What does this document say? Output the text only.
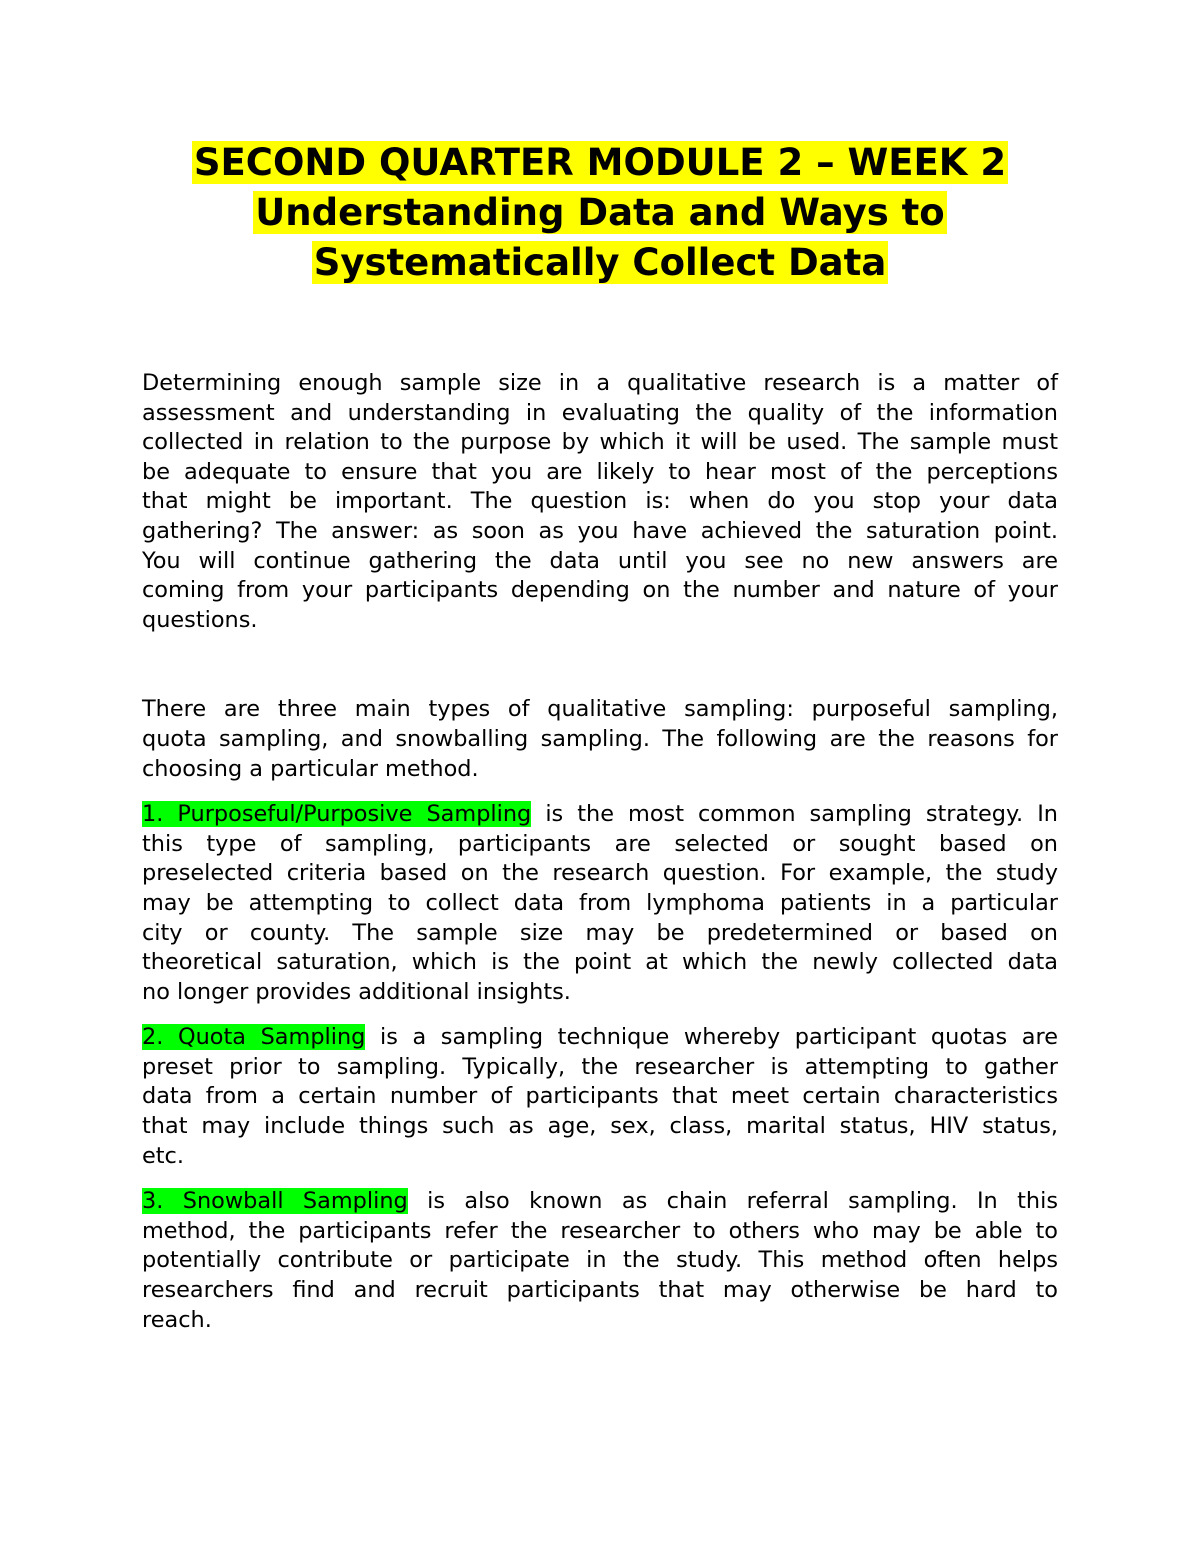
SECOND QUARTER MODULE 2 – WEEK 2
Understanding Data and Ways to
Systematically Collect Data
Determining enough sample size in a qualitative research is a matter of
assessment and understanding in evaluating the quality of the information
collected in relation to the purpose by which it will be used. The sample must
be adequate to ensure that you are likely to hear most of the perceptions
that might be important. The question is: when do you stop your data
gathering? The answer: as soon as you have achieved the saturation point.
You will continue gathering the data until you see no new answers are
coming from your participants depending on the number and nature of your
questions.
There are three main types of qualitative sampling: purposeful sampling,
quota sampling, and snowballing sampling. The following are the reasons for
choosing a particular method.
1. Purposeful/Purposive Sampling is the most common sampling strategy. In
this type of sampling, participants are selected or sought based on
preselected criteria based on the research question. For example, the study
may be attempting to collect data from lymphoma patients in a particular
city or county. The sample size may be predetermined or based on
theoretical saturation, which is the point at which the newly collected data
no longer provides additional insights.
2. Quota Sampling is a sampling technique whereby participant quotas are
preset prior to sampling. Typically, the researcher is attempting to gather
data from a certain number of participants that meet certain characteristics
that may include things such as age, sex, class, marital status, HIV status,
etc.
3. Snowball Sampling is also known as chain referral sampling. In this
method, the participants refer the researcher to others who may be able to
potentially contribute or participate in the study. This method often helps
researchers find and recruit participants that may otherwise be hard to
reach.
